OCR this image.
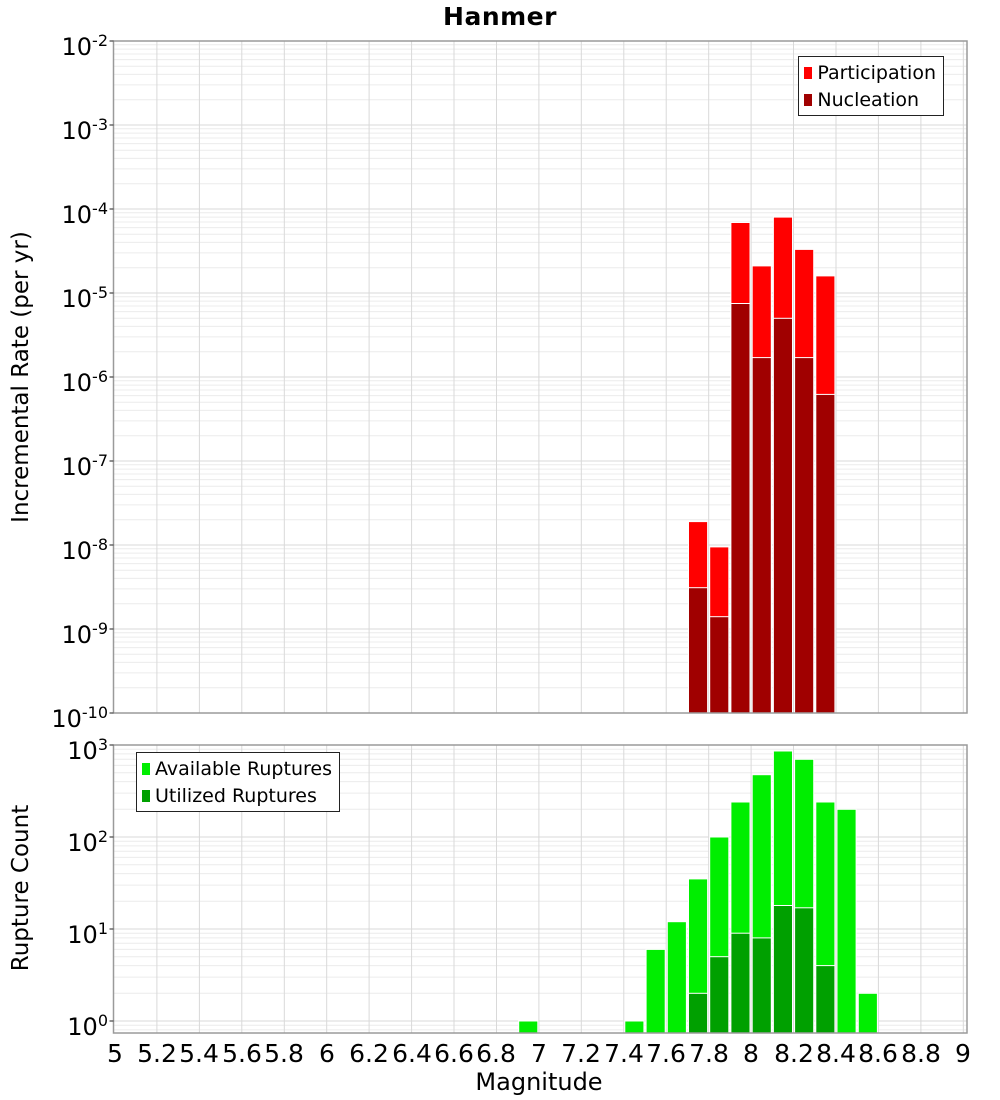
Hanmer
Incremental Rate (per yr)
Rupture Count
Magnitude
Participation
Nucleation
Available Ruptures
Utilized Ruptures
$10^{-2}$
$10^{-3}$
$10^{-4}$
$10^{-5}$
$10^{-6}$
$10^{-7}$
$10^{-8}$
$10^{-9}$
$10^{-10}$
$10^3$
$10^2$
$10^1$
$10^0$
5 5.2 5.4 5.6 5.8 6 6.2 6.4 6.6 6.8 7 7.2 7.4 7.6 7.8 8 8.2 8.4 8.6 8.8 9
